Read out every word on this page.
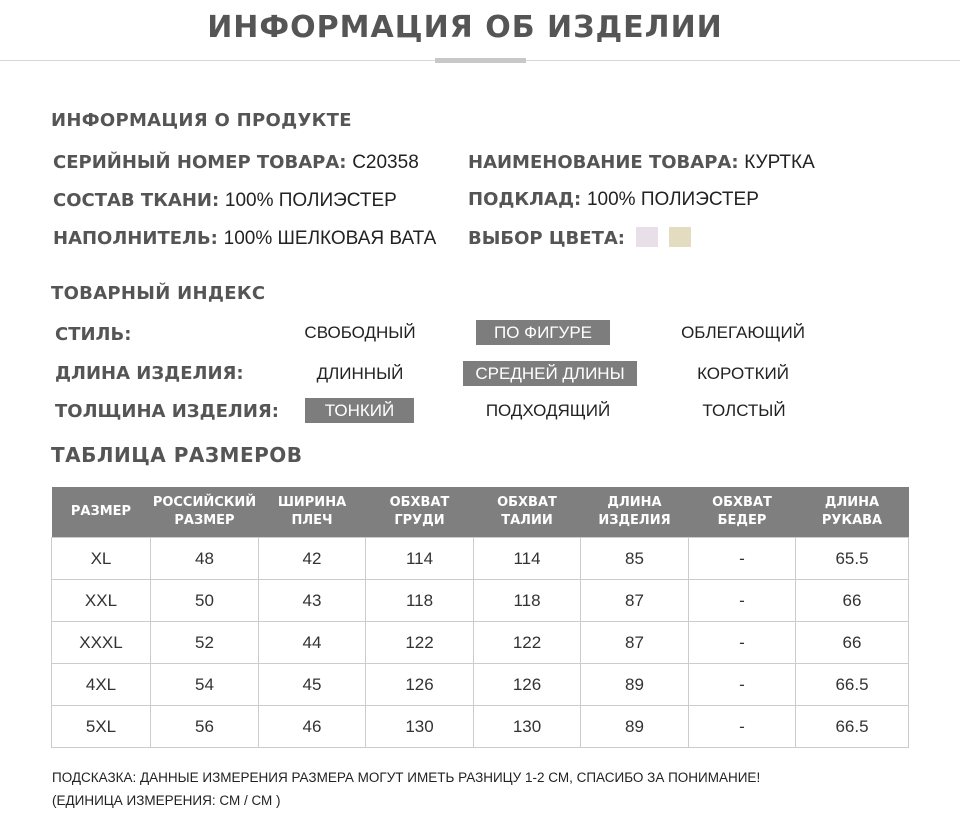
ИНФОРМАЦИЯ ОБ ИЗДЕЛИИ
ИНФОРМАЦИЯ О ПРОДУКТЕ
СЕРИЙНЫЙ НОМЕР ТОВАРА: C20358	НАИМЕНОВАНИЕ ТОВАРА: КУРТКА
СОСТАВ ТКАНИ: 100% ПОЛИЭСТЕР	ПОДКЛАД: 100% ПОЛИЭСТЕР
НАПОЛНИТЕЛЬ: 100% ШЕЛКОВАЯ ВАТА ВЫБОР ЦВЕТА:
ТОВАРНЫЙ ИНДЕКС
СТИЛЬ:	СВОБОДНЫЙ	ПО ФИГУРЕ	ОБЛЕГАЮЩИЙ
ДЛИНА ИЗДЕЛИЯ:	ДЛИННЫЙ	СРЕДНЕЙ ДЛИНЫ	КОРОТКИЙ
ТОЛЩИНА ИЗДЕЛИЯ:	ТОНКИЙ	ПОДХОДЯЩИЙ	ТОЛСТЫЙ
ТАБЛИЦА РАЗМЕРОВ
РАЗМЕР	РОССИЙСКИЙ РАЗМЕР	ШИРИНА ПЛЕЧ	ОБХВАТ ГРУДИ	ОБХВАТ ТАЛИИ	ДЛИНА ИЗДЕЛИЯ	ОБХВАТ БЕДЕР	ДЛИНА РУКАВА
XL	48	42	114	114	85	-	65.5
XXL	50	43	118	118	87	-	66
XXXL	52	44	122	122	87	-	66
4XL	54	45	126	126	89	-	66.5
5XL	56	46	130	130	89	-	66.5
ПОДСКАЗКА: ДАННЫЕ ИЗМЕРЕНИЯ РАЗМЕРА МОГУТ ИМЕТЬ РАЗНИЦУ 1-2 СМ, СПАСИБО ЗА ПОНИМАНИЕ!
(ЕДИНИЦА ИЗМЕРЕНИЯ: СМ / СМ )
